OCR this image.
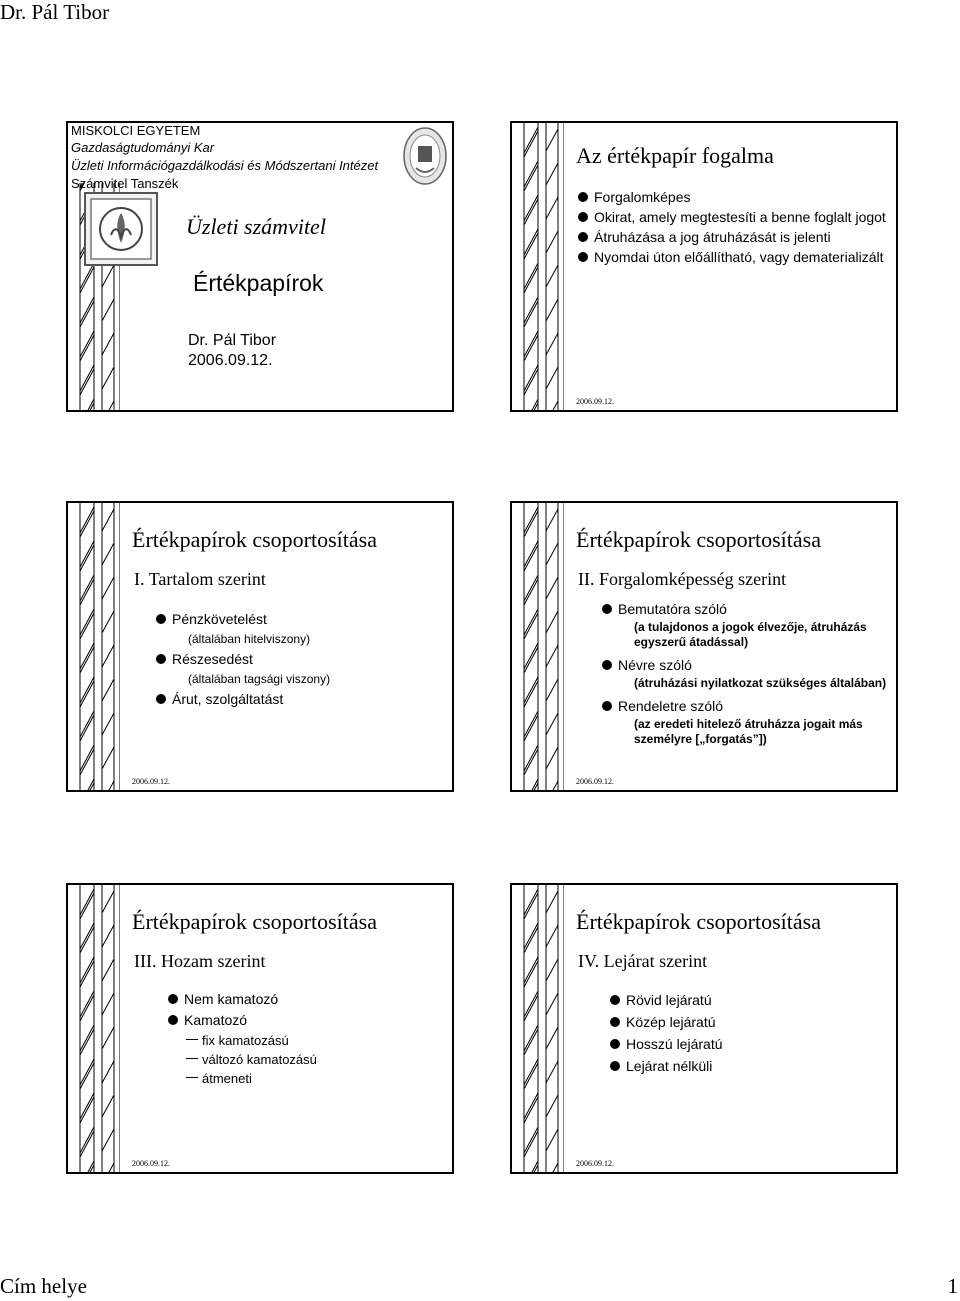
Dr. Pál Tibor
MISKOLCI EGYETEM
Gazdaságtudományi Kar
Üzleti Információgazdálkodási és Módszertani Intézet
Számvitel Tanszék
Üzleti számvitel
Értékpapírok
Dr. Pál Tibor
2006.09.12.
Az értékpapír fogalma
Forgalomképes
Okirat, amely megtestesíti a benne foglalt jogot
Átruházása a jog átruházását is jelenti
Nyomdai úton előállítható, vagy dematerializált
2006.09.12.
Értékpapírok csoportosítása
I. Tartalom szerint
Pénzkövetelést
(általában hitelviszony)
Részesedést
(általában tagsági viszony)
Árut, szolgáltatást
2006.09.12.
Értékpapírok csoportosítása
II. Forgalomképesség szerint
Bemutatóra szóló
(a tulajdonos a jogok élvezője, átruházás egyszerű átadással)
Névre szóló
(átruházási nyilatkozat szükséges általában)
Rendeletre szóló
(az eredeti hitelező átruházza jogait más személyre [„forgatás”])
2006.09.12.
Értékpapírok csoportosítása
III. Hozam szerint
Nem kamatozó
Kamatozó
fix kamatozású
változó kamatozású
átmeneti
2006.09.12.
Értékpapírok csoportosítása
IV. Lejárat szerint
Rövid lejáratú
Közép lejáratú
Hosszú lejáratú
Lejárat nélküli
2006.09.12.
Cím helye	1
